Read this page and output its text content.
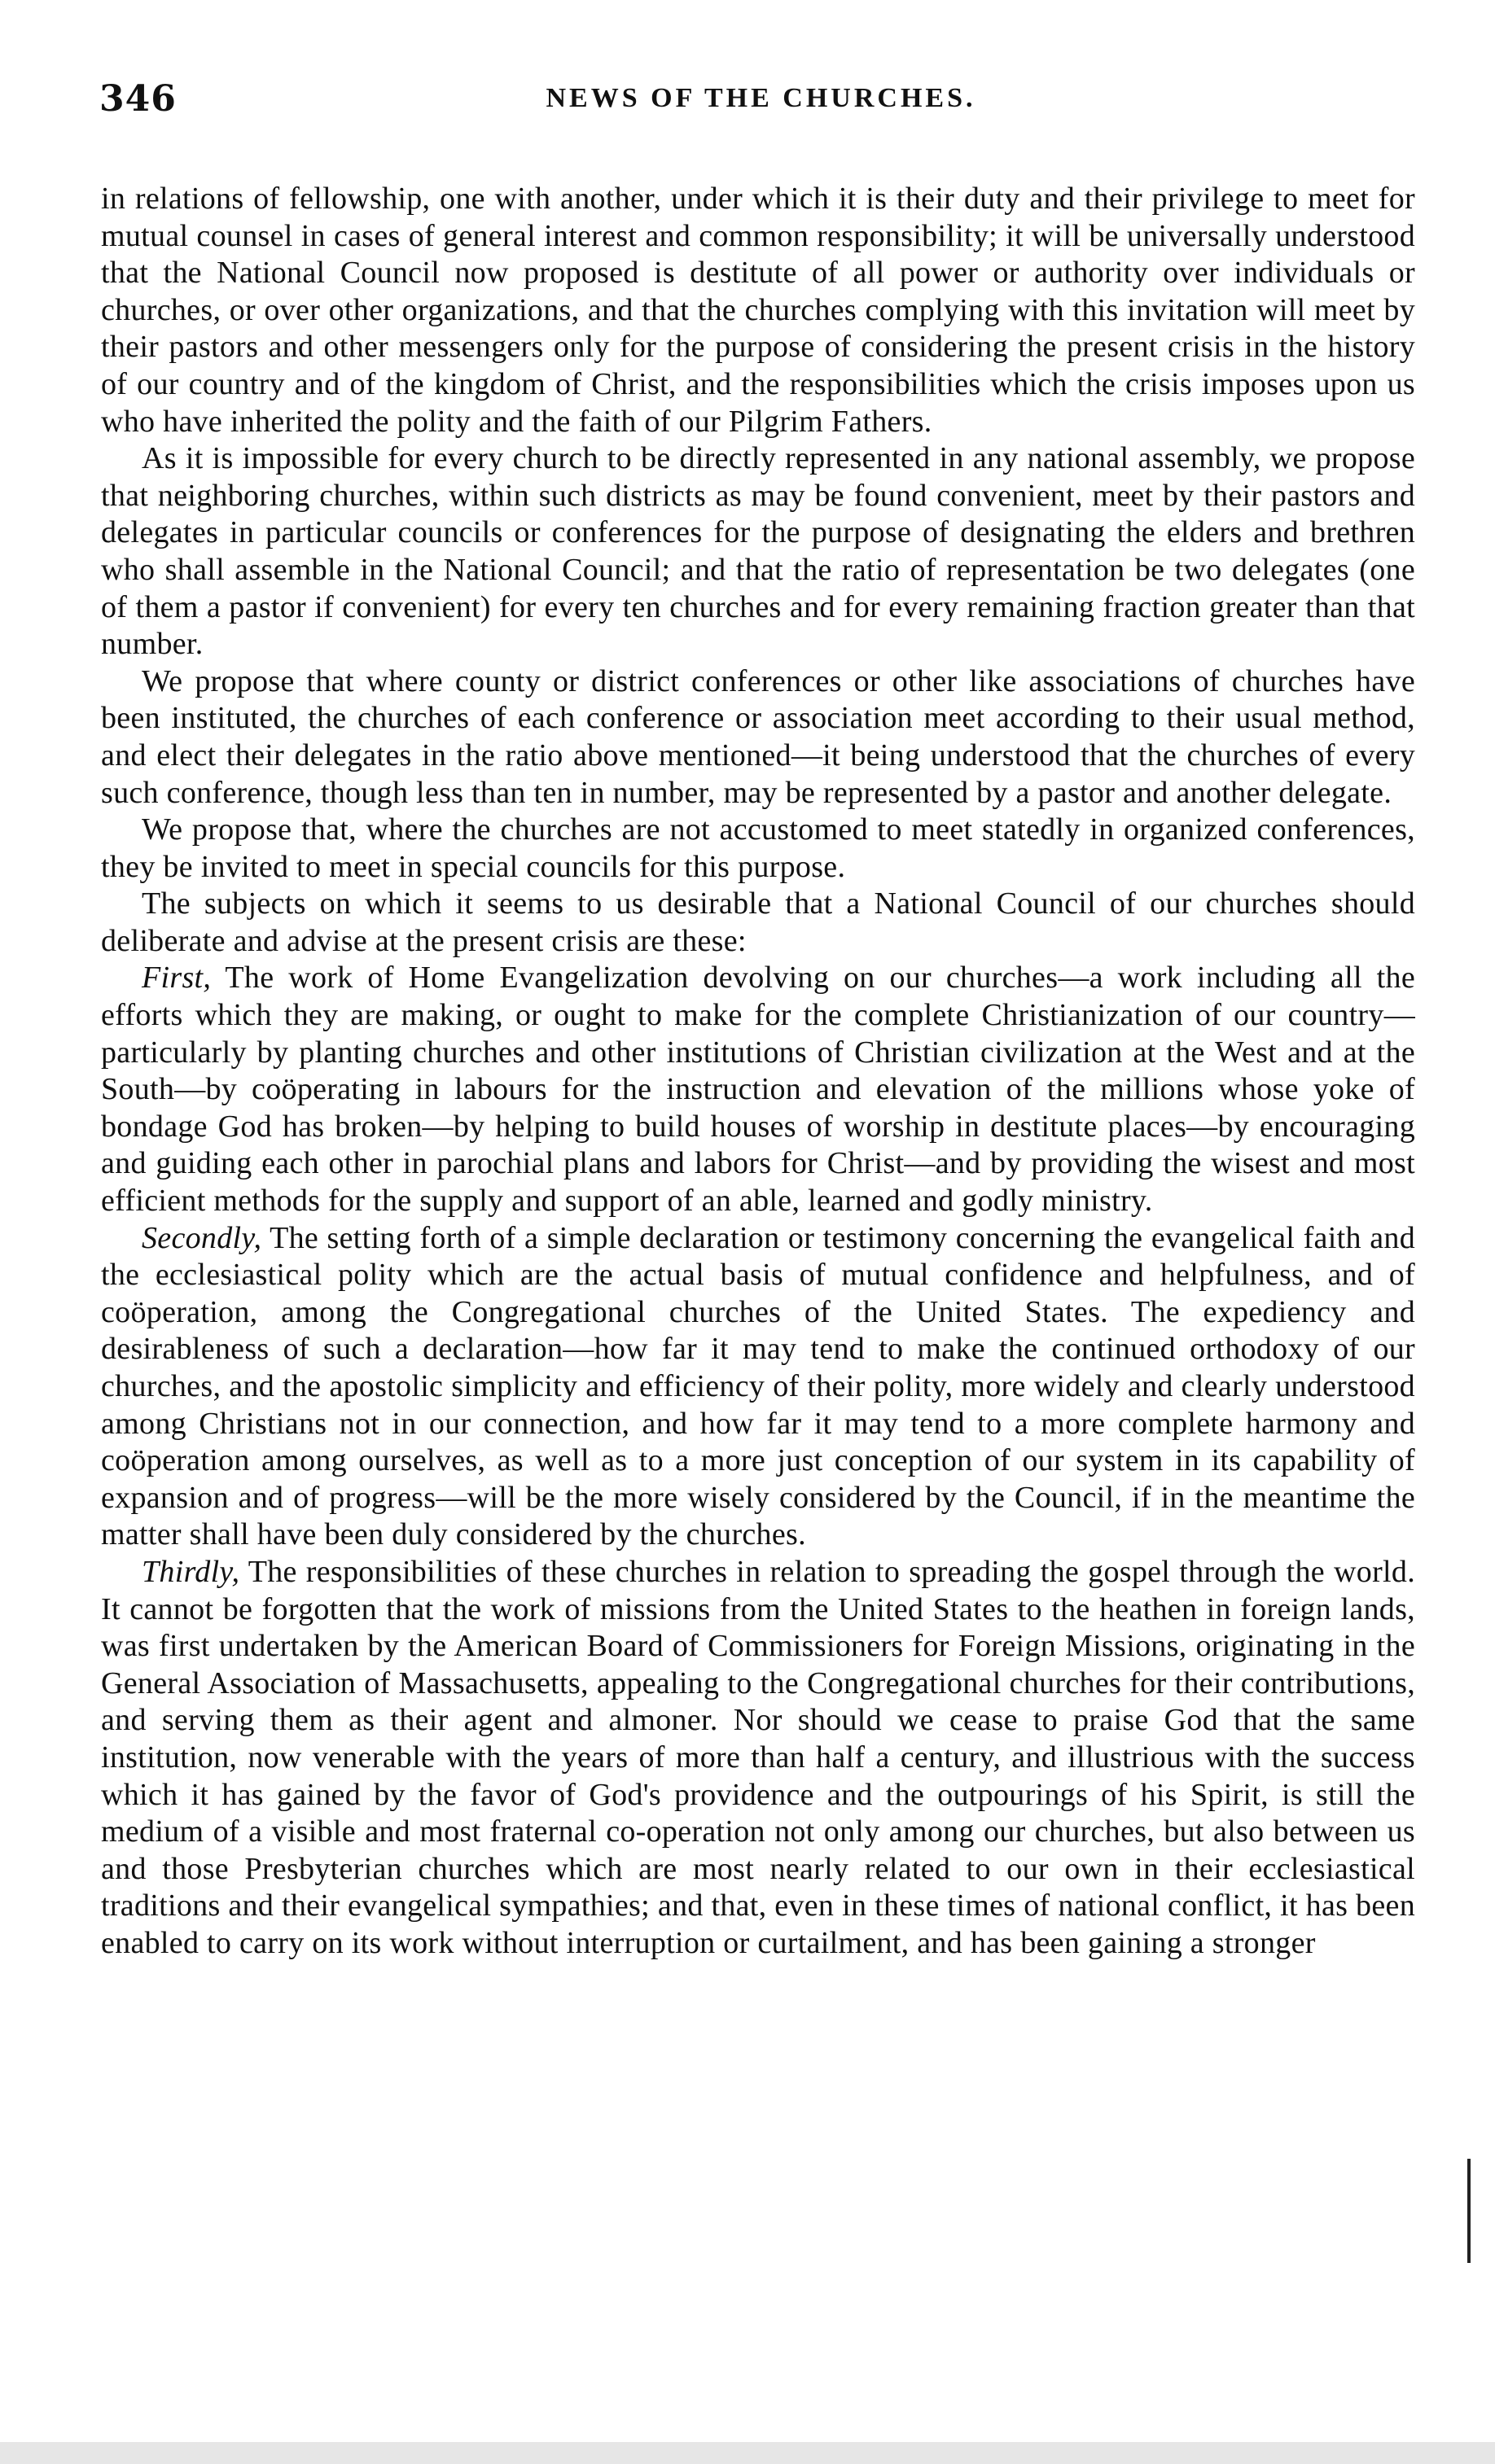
346	NEWS OF THE CHURCHES.

in relations of fellowship, one with another, under which it is their duty and their privilege to meet for mutual counsel in cases of general interest and common responsibility; it will be universally understood that the National Council now proposed is destitute of all power or authority over individuals or churches, or over other organizations, and that the churches complying with this invitation will meet by their pastors and other messengers only for the purpose of considering the present crisis in the history of our country and of the kingdom of Christ, and the responsibilities which the crisis imposes upon us who have inherited the polity and the faith of our Pilgrim Fathers.

As it is impossible for every church to be directly represented in any national assembly, we propose that neighboring churches, within such districts as may be found convenient, meet by their pastors and delegates in particular councils or conferences for the purpose of designating the elders and brethren who shall assemble in the National Council; and that the ratio of representation be two delegates (one of them a pastor if convenient) for every ten churches and for every remaining fraction greater than that number.

We propose that where county or district conferences or other like associations of churches have been instituted, the churches of each conference or association meet according to their usual method, and elect their delegates in the ratio above mentioned—it being understood that the churches of every such conference, though less than ten in number, may be represented by a pastor and another delegate.

We propose that, where the churches are not accustomed to meet statedly in organized conferences, they be invited to meet in special councils for this purpose.

The subjects on which it seems to us desirable that a National Council of our churches should deliberate and advise at the present crisis are these:

First, The work of Home Evangelization devolving on our churches—a work including all the efforts which they are making, or ought to make for the complete Christianization of our country—particularly by planting churches and other institutions of Christian civilization at the West and at the South—by coöperating in labours for the instruction and elevation of the millions whose yoke of bondage God has broken—by helping to build houses of worship in destitute places—by encouraging and guiding each other in parochial plans and labors for Christ—and by providing the wisest and most efficient methods for the supply and support of an able, learned and godly ministry.

Secondly, The setting forth of a simple declaration or testimony concerning the evangelical faith and the ecclesiastical polity which are the actual basis of mutual confidence and helpfulness, and of coöperation, among the Congregational churches of the United States. The expediency and desirableness of such a declaration—how far it may tend to make the continued orthodoxy of our churches, and the apostolic simplicity and efficiency of their polity, more widely and clearly understood among Christians not in our connection, and how far it may tend to a more complete harmony and coöperation among ourselves, as well as to a more just conception of our system in its capability of expansion and of progress—will be the more wisely considered by the Council, if in the meantime the matter shall have been duly considered by the churches.

Thirdly, The responsibilities of these churches in relation to spreading the gospel through the world. It cannot be forgotten that the work of missions from the United States to the heathen in foreign lands, was first undertaken by the American Board of Commissioners for Foreign Missions, originating in the General Association of Massachusetts, appealing to the Congregational churches for their contributions, and serving them as their agent and almoner. Nor should we cease to praise God that the same institution, now venerable with the years of more than half a century, and illustrious with the success which it has gained by the favor of God's providence and the outpourings of his Spirit, is still the medium of a visible and most fraternal co-operation not only among our churches, but also between us and those Presbyterian churches which are most nearly related to our own in their ecclesiastical traditions and their evangelical sympathies; and that, even in these times of national conflict, it has been enabled to carry on its work without interruption or curtailment, and has been gaining a stronger
